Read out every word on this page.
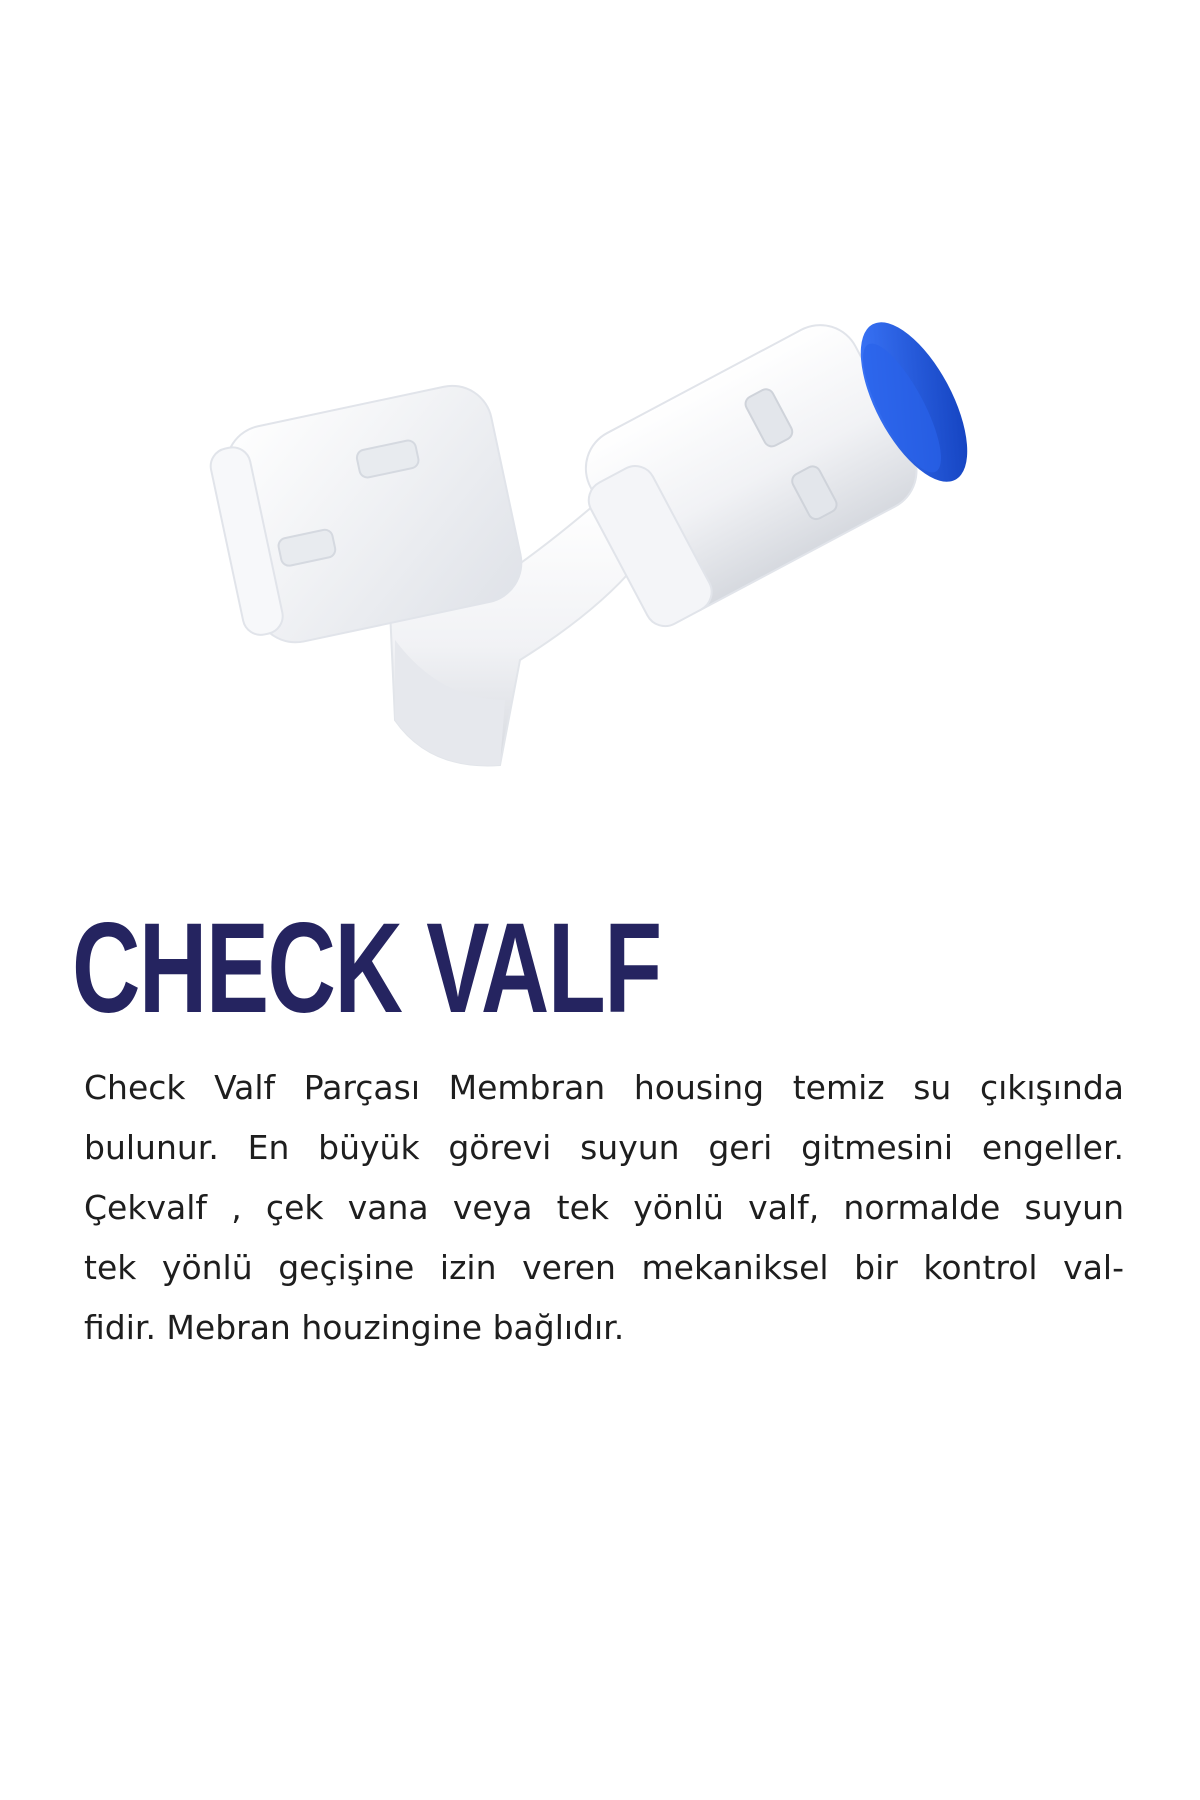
CHECK VALF

Check Valf Parçası Membran housing temiz su çıkışında
bulunur. En büyük görevi suyun geri gitmesini engeller.
Çekvalf , çek vana veya tek yönlü valf, normalde suyun
tek yönlü geçişine izin veren mekaniksel bir kontrol val-
fidir. Mebran houzingine bağlıdır.
